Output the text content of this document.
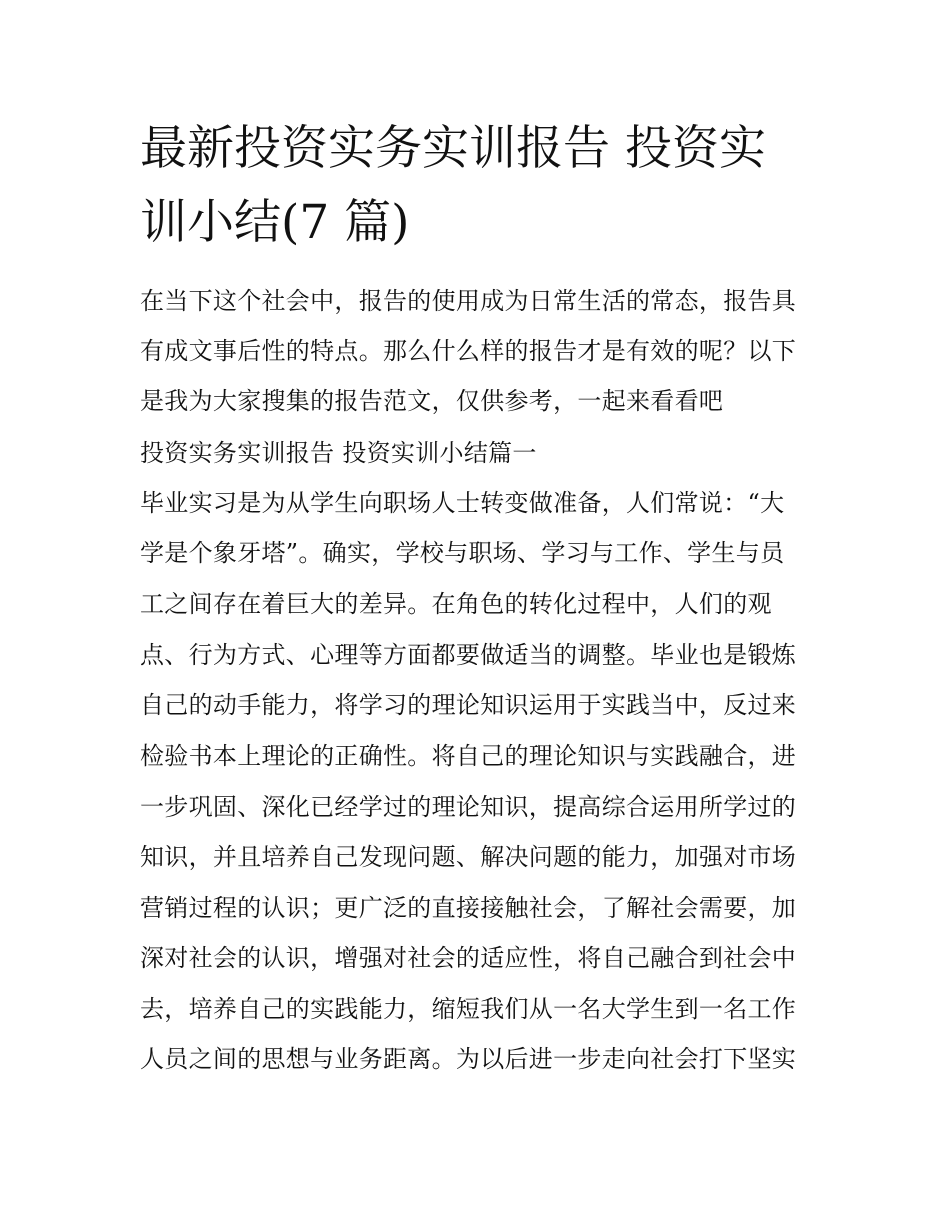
最新投资实务实训报告 投资实
训小结(7 篇)

在当下这个社会中，报告的使用成为日常生活的常态，报告具

有成文事后性的特点。那么什么样的报告才是有效的呢？以下

是我为大家搜集的报告范文，仅供参考，一起来看看吧

投资实务实训报告 投资实训小结篇一

毕业实习是为从学生向职场人士转变做准备，人们常说：“大

学是个象牙塔”。确实，学校与职场、学习与工作、学生与员

工之间存在着巨大的差异。在角色的转化过程中，人们的观

点、行为方式、心理等方面都要做适当的调整。毕业也是锻炼

自己的动手能力，将学习的理论知识运用于实践当中，反过来

检验书本上理论的正确性。将自己的理论知识与实践融合，进

一步巩固、深化已经学过的理论知识，提高综合运用所学过的

知识，并且培养自己发现问题、解决问题的能力，加强对市场

营销过程的认识；更广泛的直接接触社会，了解社会需要，加

深对社会的认识，增强对社会的适应性，将自己融合到社会中

去，培养自己的实践能力，缩短我们从一名大学生到一名工作

人员之间的思想与业务距离。为以后进一步走向社会打下坚实
